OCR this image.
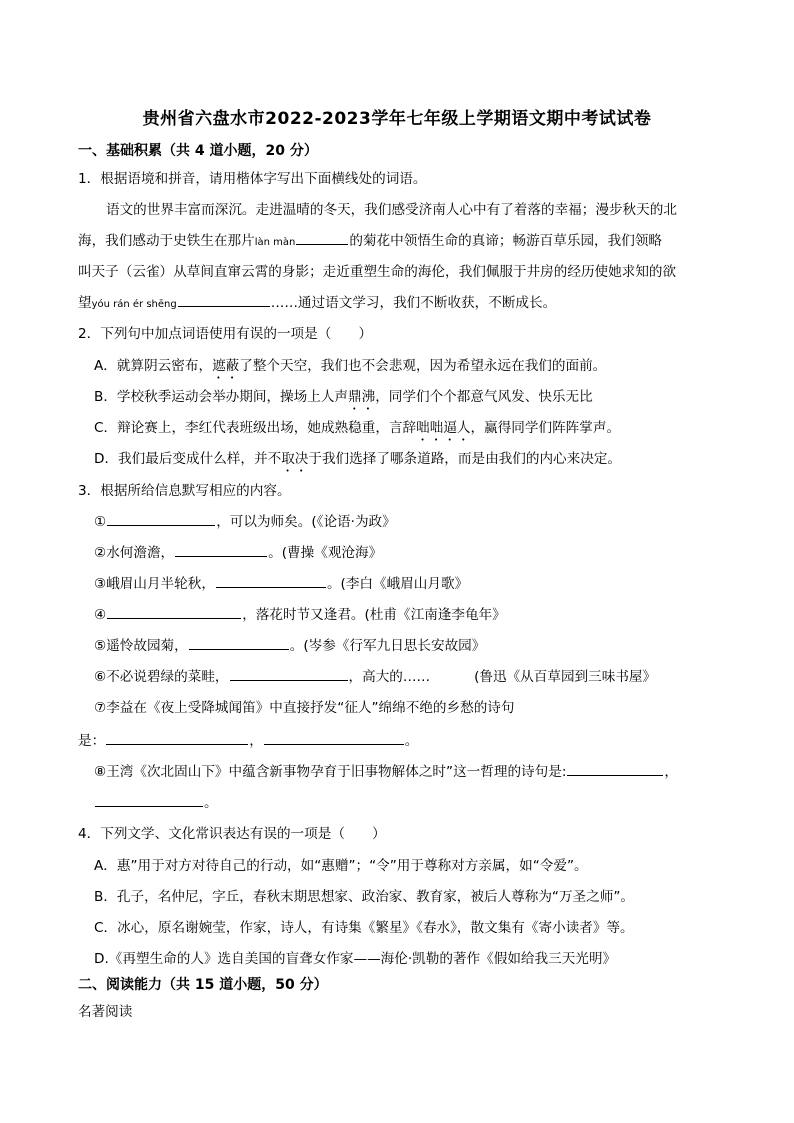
贵州省六盘水市2022-2023学年七年级上学期语文期中考试试卷
一、基础积累（共 4 道小题，20 分）
1．根据语境和拼音，请用楷体字写出下面横线处的词语。
语文的世界丰富而深沉。走进温晴的冬天，我们感受济南人心中有了着落的幸福；漫步秋天的北
海，我们感动于史铁生在那片làn màn	的菊花中领悟生命的真谛；畅游百草乐园，我们领略
叫天子（云雀）从草间直窜云霄的身影；走近重塑生命的海伦，我们佩服于井房的经历使她求知的欲
望yóu rán ér shēng	……通过语文学习，我们不断收获，不断成长。
2．下列句中加点词语使用有误的一项是（　　）
A．就算阴云密布，遮蔽了整个天空，我们也不会悲观，因为希望永远在我们的面前。
B．学校秋季运动会举办期间，操场上人声鼎沸，同学们个个都意气风发、快乐无比
C．辩论赛上，李红代表班级出场，她成熟稳重，言辞咄咄逼人，赢得同学们阵阵掌声。
D．我们最后变成什么样，并不取决于我们选择了哪条道路，而是由我们的内心来决定。
3．根据所给信息默写相应的内容。
①	，可以为师矣。(《论语·为政》
②水何澹澹，	。(曹操《观沧海》
③峨眉山月半轮秋，	。(李白《峨眉山月歌》
④	，落花时节又逢君。(杜甫《江南逢李龟年》
⑤遥怜故园菊，	。(岑参《行军九日思长安故园》
⑥不必说碧绿的菜畦，	，高大的……	(鲁迅《从百草园到三味书屋》
⑦李益在《夜上受降城闻笛》中直接抒发“征人”绵绵不绝的乡愁的诗句
是：	，	。
⑧王湾《次北固山下》中蕴含新事物孕育于旧事物解体之时”这一哲理的诗句是:	，
。
4．下列文学、文化常识表达有误的一项是（　　）
A．惠”用于对方对待自己的行动，如“惠赠”；“令”用于尊称对方亲属，如“令爱”。
B．孔子，名仲尼，字丘，春秋末期思想家、政治家、教育家，被后人尊称为“万圣之师”。
C．冰心，原名谢婉莹，作家，诗人，有诗集《繁星》《春水》，散文集有《寄小读者》等。
D.《再塑生命的人》选自美国的盲聋女作家——海伦·凯勒的著作《假如给我三天光明》
二、阅读能力（共 15 道小题，50 分）
名著阅读
